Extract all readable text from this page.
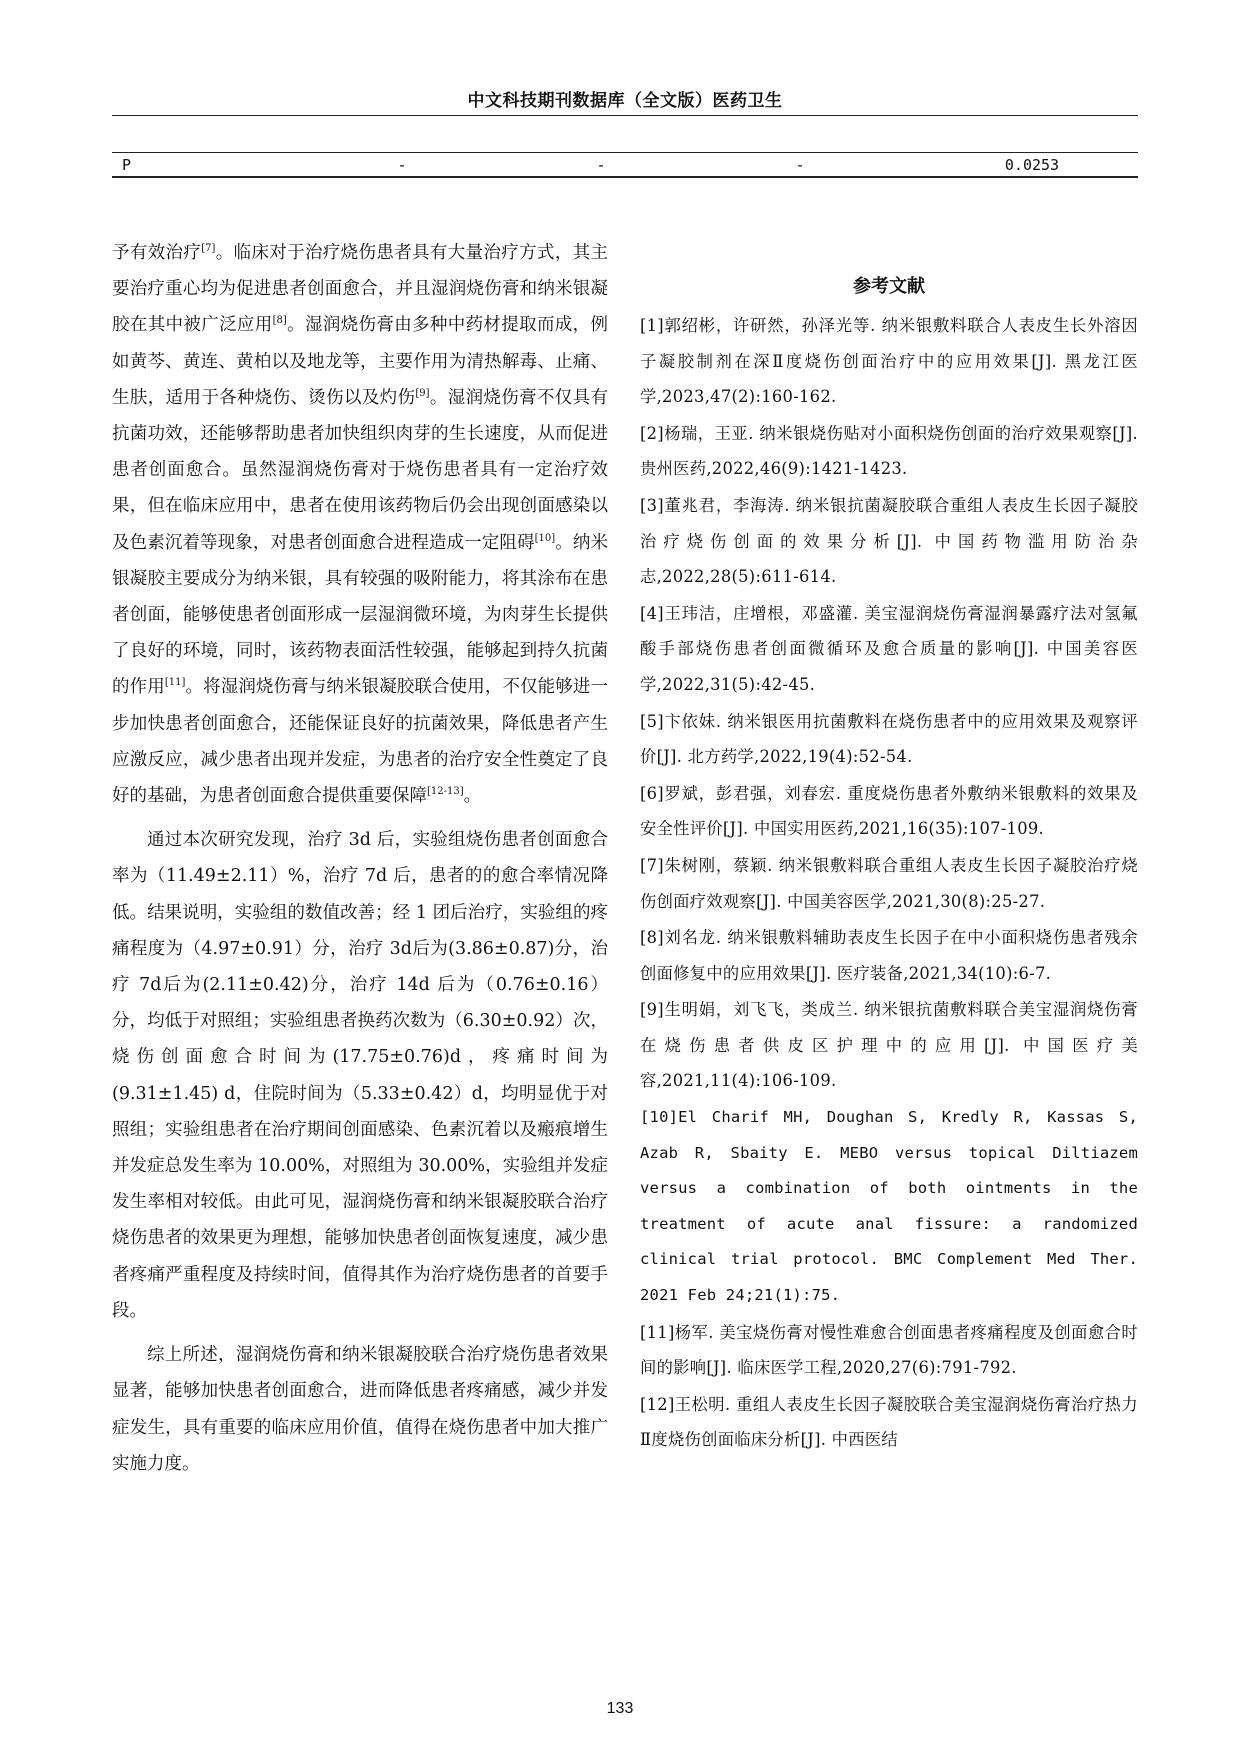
中文科技期刊数据库（全文版）医药卫生
P	-	-	-	0.0253

予有效治疗[7]。临床对于治疗烧伤患者具有大量治疗方式，其主要治疗重心均为促进患者创面愈合，并且湿润烧伤膏和纳米银凝胶在其中被广泛应用[8]。湿润烧伤膏由多种中药材提取而成，例如黄芩、黄连、黄柏以及地龙等，主要作用为清热解毒、止痛、生肤，适用于各种烧伤、烫伤以及灼伤[9]。湿润烧伤膏不仅具有抗菌功效，还能够帮助患者加快组织肉芽的生长速度，从而促进患者创面愈合。虽然湿润烧伤膏对于烧伤患者具有一定治疗效果，但在临床应用中，患者在使用该药物后仍会出现创面感染以及色素沉着等现象，对患者创面愈合进程造成一定阻碍[10]。纳米银凝胶主要成分为纳米银，具有较强的吸附能力，将其涂布在患者创面，能够使患者创面形成一层湿润微环境，为肉芽生长提供了良好的环境，同时，该药物表面活性较强，能够起到持久抗菌的作用[11]。将湿润烧伤膏与纳米银凝胶联合使用，不仅能够进一步加快患者创面愈合，还能保证良好的抗菌效果，降低患者产生应激反应，减少患者出现并发症，为患者的治疗安全性奠定了良好的基础，为患者创面愈合提供重要保障[12-13]。

通过本次研究发现，治疗 3d 后，实验组烧伤患者创面愈合率为（11.49±2.11）%，治疗 7d 后，患者的的愈合率情况降低。结果说明，实验组的数值改善；经 1 团后治疗，实验组的疼痛程度为（4.97±0.91）分，治疗 3d后为(3.86±0.87)分，治疗 7d后为(2.11±0.42)分，治疗 14d 后为（0.76±0.16）分，均低于对照组；实验组患者换药次数为（6.30±0.92）次，烧伤创面愈合时间为(17.75±0.76)d，疼痛时间为(9.31±1.45) d，住院时间为（5.33±0.42）d，均明显优于对照组；实验组患者在治疗期间创面感染、色素沉着以及瘢痕增生并发症总发生率为 10.00%，对照组为 30.00%，实验组并发症发生率相对较低。由此可见，湿润烧伤膏和纳米银凝胶联合治疗烧伤患者的效果更为理想，能够加快患者创面恢复速度，减少患者疼痛严重程度及持续时间，值得其作为治疗烧伤患者的首要手段。

综上所述，湿润烧伤膏和纳米银凝胶联合治疗烧伤患者效果显著，能够加快患者创面愈合，进而降低患者疼痛感，减少并发症发生，具有重要的临床应用价值，值得在烧伤患者中加大推广实施力度。

参考文献
[1]郭绍彬，许研然，孙泽光等. 纳米银敷料联合人表皮生长外溶因子凝胶制剂在深Ⅱ度烧伤创面治疗中的应用效果[J]. 黑龙江医学,2023,47(2):160-162.
[2]杨瑞，王亚. 纳米银烧伤贴对小面积烧伤创面的治疗效果观察[J]. 贵州医药,2022,46(9):1421-1423.
[3]董兆君，李海涛. 纳米银抗菌凝胶联合重组人表皮生长因子凝胶治疗烧伤创面的效果分析[J]. 中国药物滥用防治杂志,2022,28(5):611-614.
[4]王玮洁，庄增根，邓盛灌. 美宝湿润烧伤膏湿润暴露疗法对氢氟酸手部烧伤患者创面微循环及愈合质量的影响[J]. 中国美容医学,2022,31(5):42-45.
[5]卞依妹. 纳米银医用抗菌敷料在烧伤患者中的应用效果及观察评价[J]. 北方药学,2022,19(4):52-54.
[6]罗斌，彭君强，刘春宏. 重度烧伤患者外敷纳米银敷料的效果及安全性评价[J]. 中国实用医药,2021,16(35):107-109.
[7]朱树刚，蔡颖. 纳米银敷料联合重组人表皮生长因子凝胶治疗烧伤创面疗效观察[J]. 中国美容医学,2021,30(8):25-27.
[8]刘名龙. 纳米银敷料辅助表皮生长因子在中小面积烧伤患者残余创面修复中的应用效果[J]. 医疗装备,2021,34(10):6-7.
[9]生明娟，刘飞飞，类成兰. 纳米银抗菌敷料联合美宝湿润烧伤膏在烧伤患者供皮区护理中的应用[J]. 中国医疗美容,2021,11(4):106-109.
[10]El Charif MH, Doughan S, Kredly R, Kassas S, Azab R, Sbaity E. MEBO versus topical Diltiazem versus a combination of both ointments in the treatment of acute anal fissure: a randomized clinical trial protocol. BMC Complement Med Ther. 2021 Feb 24;21(1):75.
[11]杨军. 美宝烧伤膏对慢性难愈合创面患者疼痛程度及创面愈合时间的影响[J]. 临床医学工程,2020,27(6):791-792.
[12]王松明. 重组人表皮生长因子凝胶联合美宝湿润烧伤膏治疗热力Ⅱ度烧伤创面临床分析[J]. 中西医结
133
